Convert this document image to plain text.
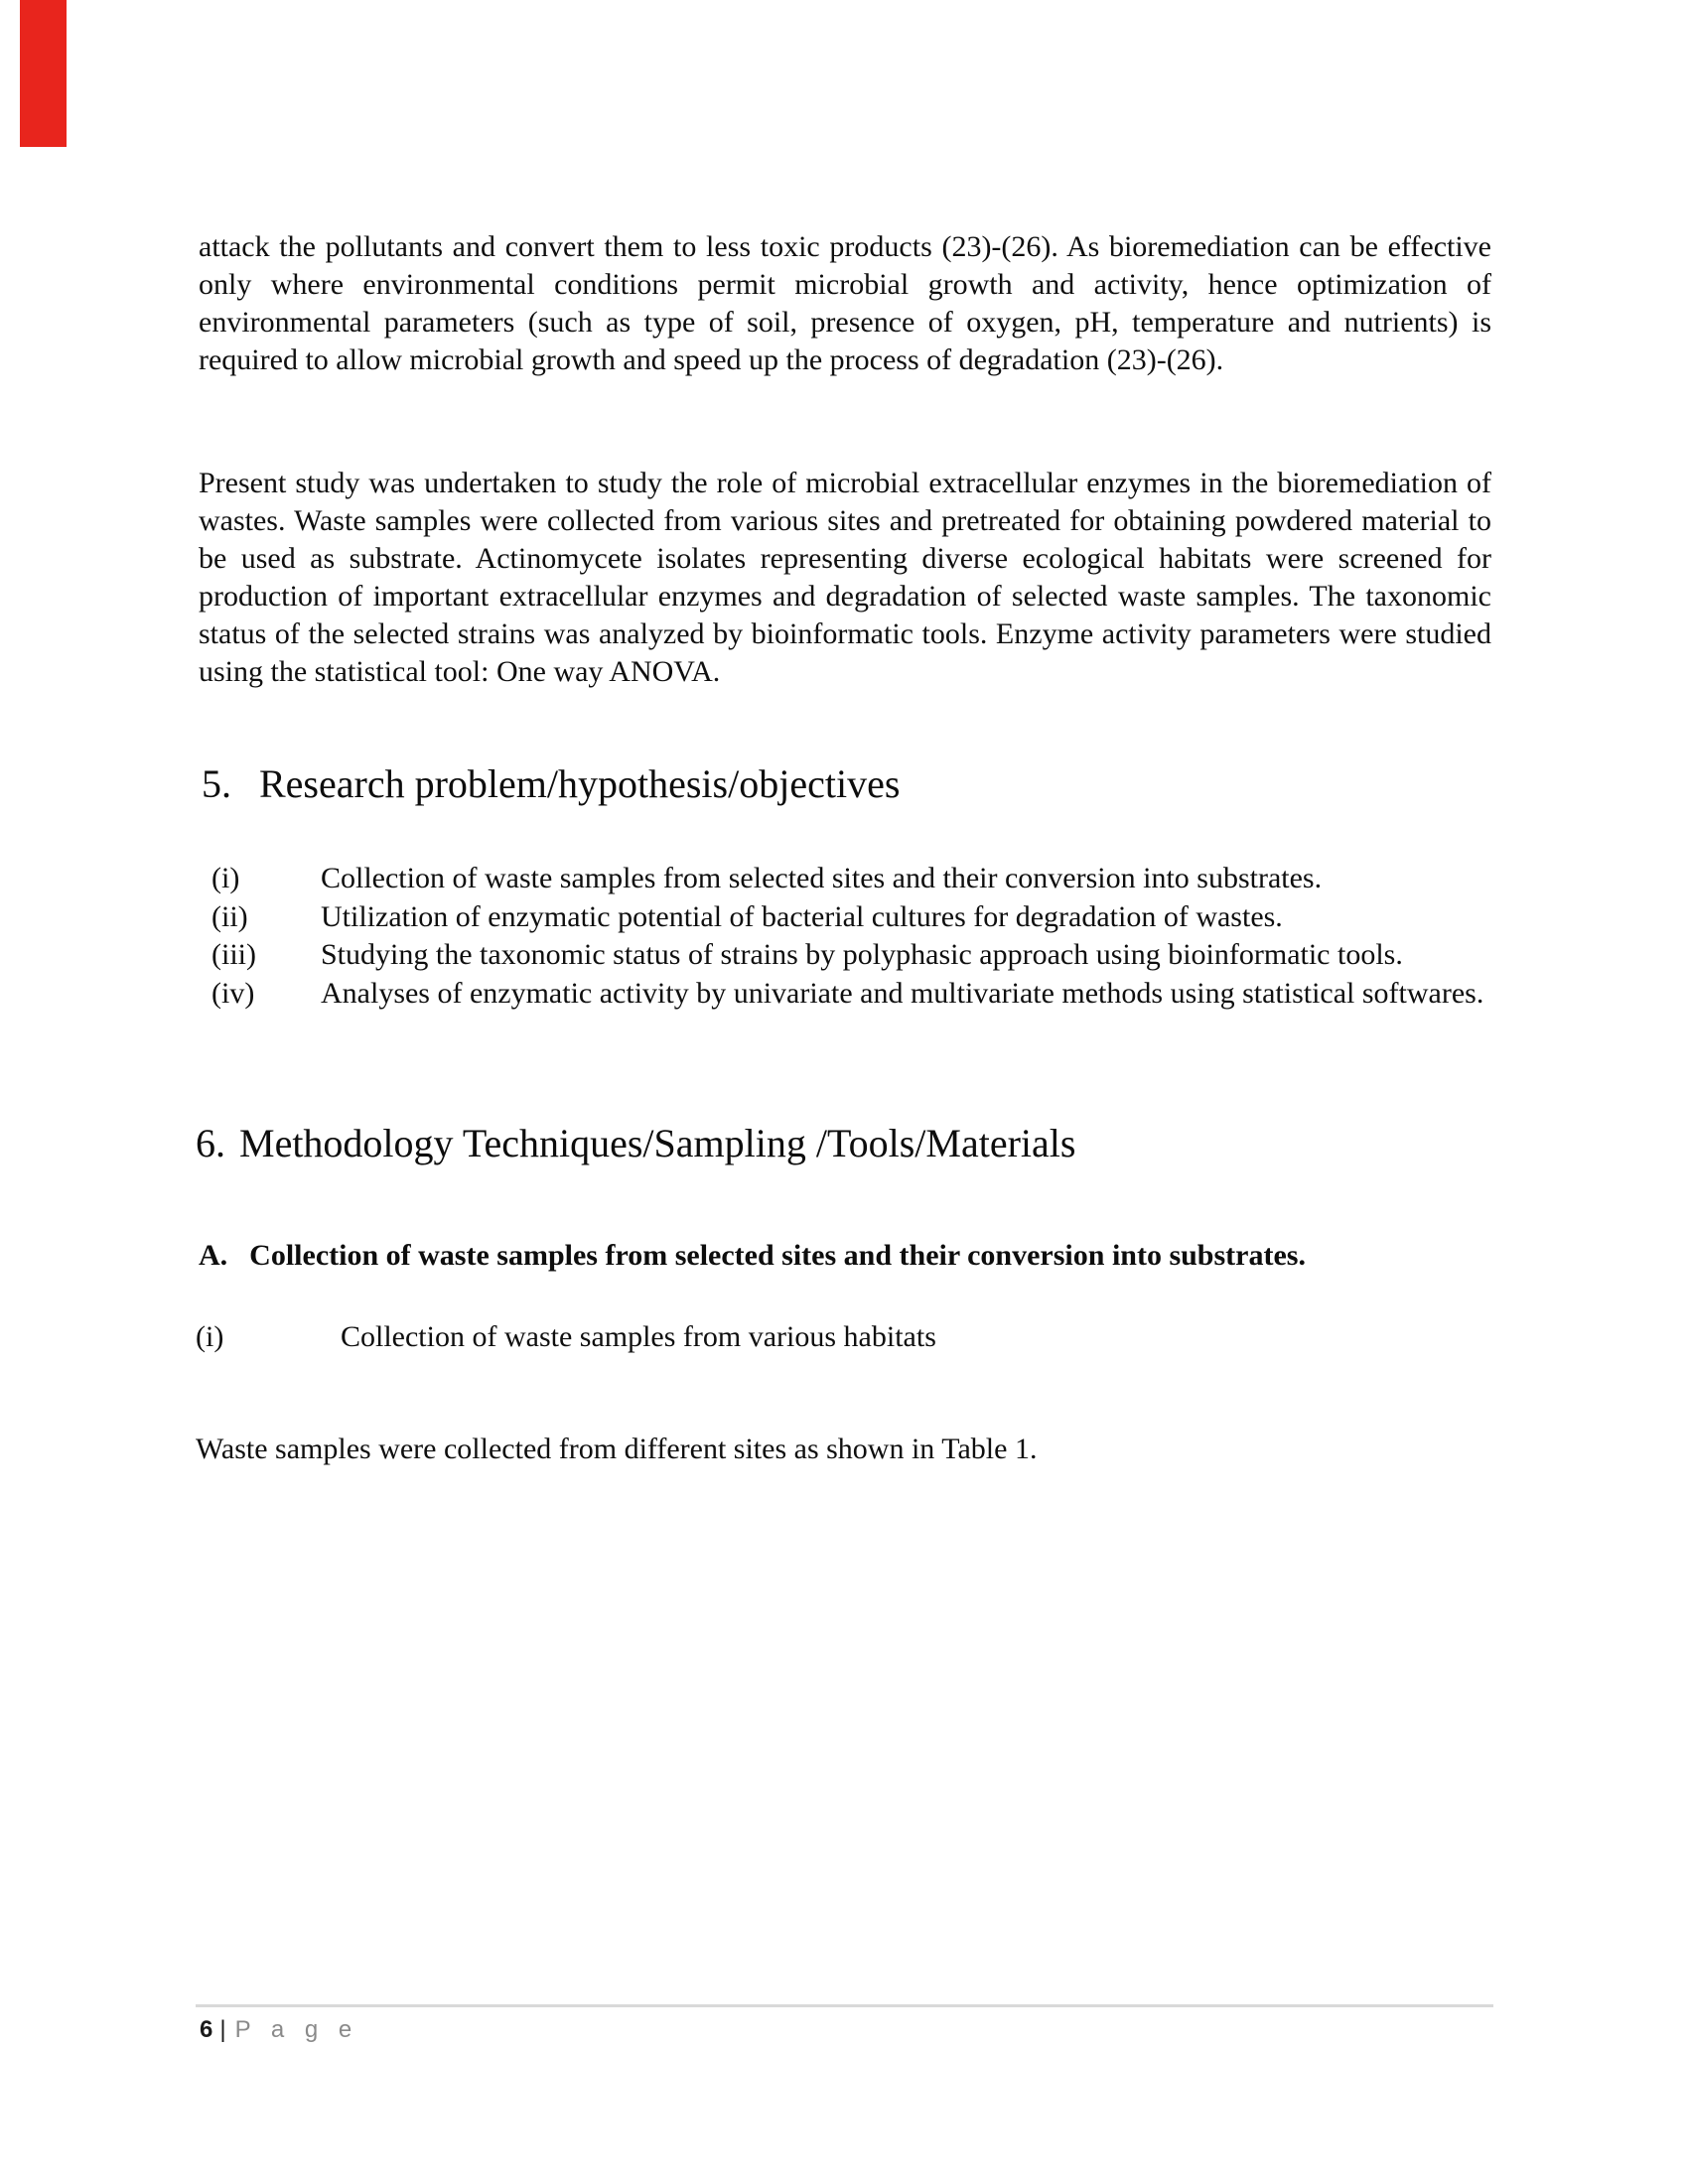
attack the pollutants and convert them to less toxic products (23)-(26). As bioremediation can be effective only where environmental conditions permit microbial growth and activity, hence optimization of environmental parameters (such as type of soil, presence of oxygen, pH, temperature and nutrients) is required to allow microbial growth and speed up the process of degradation (23)-(26).

Present study was undertaken to study the role of microbial extracellular enzymes in the bioremediation of wastes. Waste samples were collected from various sites and pretreated for obtaining powdered material to be used as substrate. Actinomycete isolates representing diverse ecological habitats were screened for production of important extracellular enzymes and degradation of selected waste samples. The taxonomic status of the selected strains was analyzed by bioinformatic tools. Enzyme activity parameters were studied using the statistical tool: One way ANOVA.

5. Research problem/hypothesis/objectives
(i)	Collection of waste samples from selected sites and their conversion into substrates.
(ii)	Utilization of enzymatic potential of bacterial cultures for degradation of wastes.
(iii)	Studying the taxonomic status of strains by polyphasic approach using bioinformatic tools.
(iv)	Analyses of enzymatic activity by univariate and multivariate methods using statistical softwares.
6. Methodology Techniques/Sampling /Tools/Materials
A. Collection of waste samples from selected sites and their conversion into substrates.
(i)	Collection of waste samples from various habitats
Waste samples were collected from different sites as shown in Table 1.
6 | P a g e
